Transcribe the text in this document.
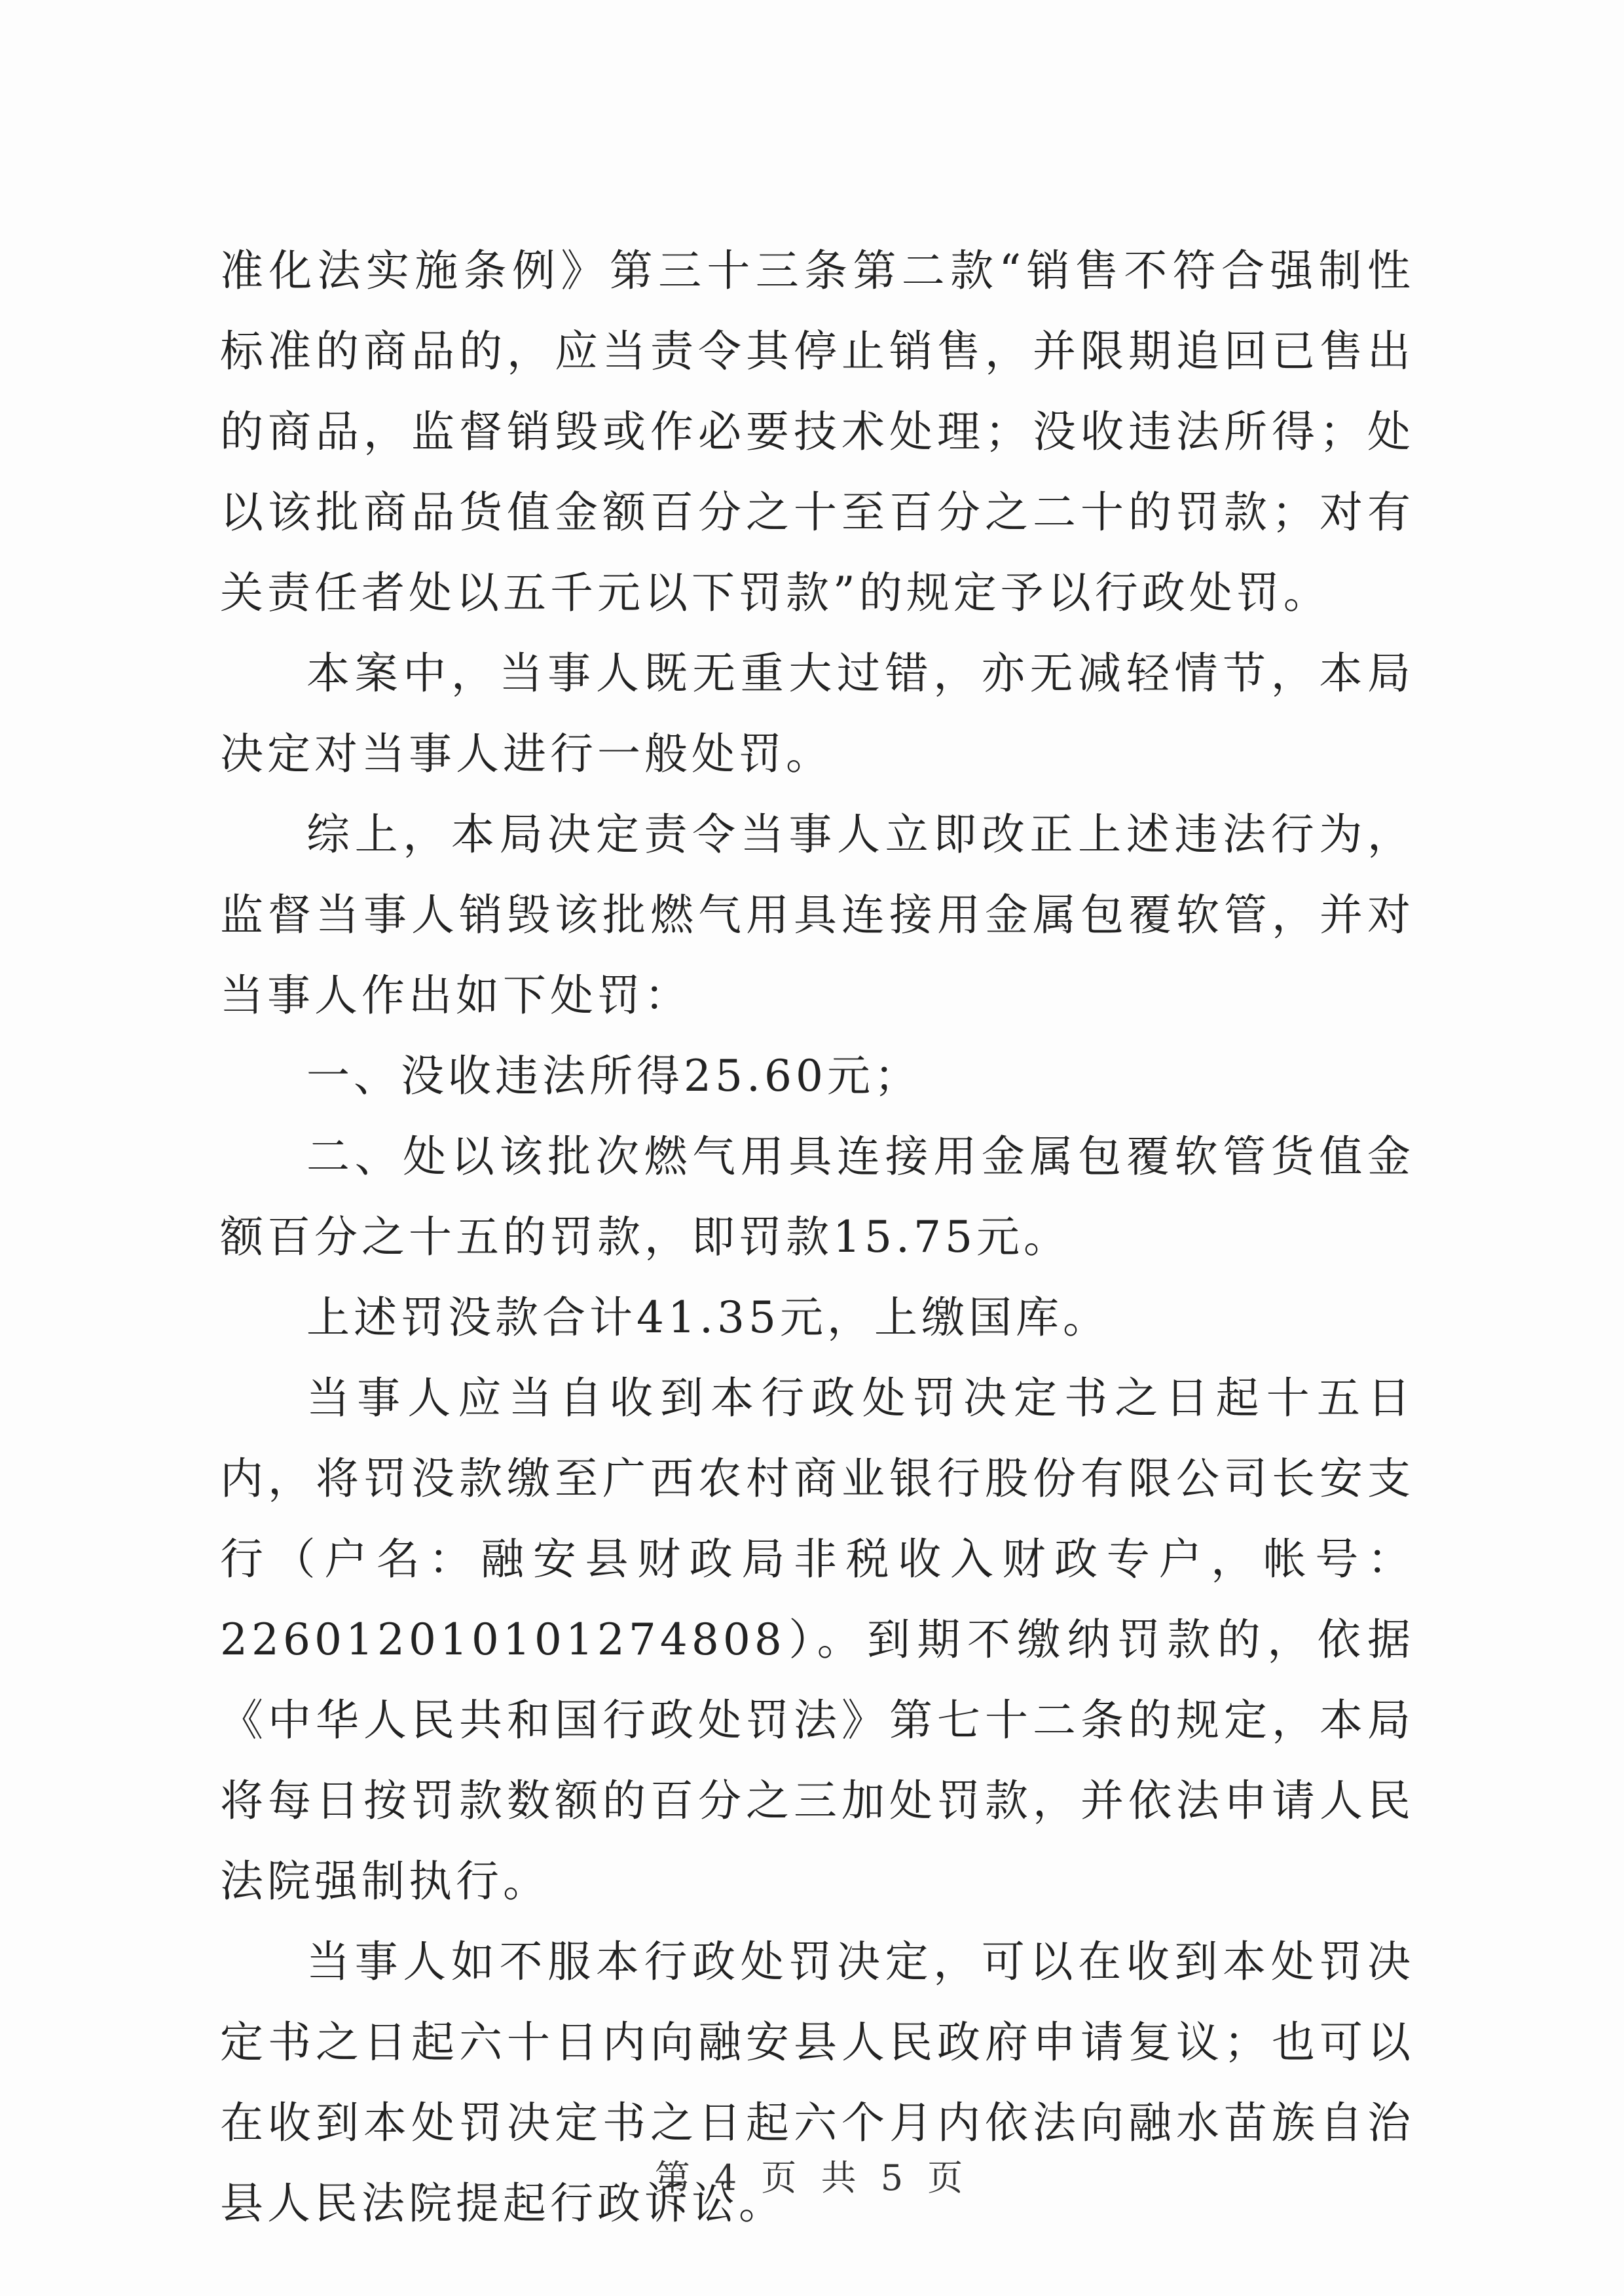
准化法实施条例》第三十三条第二款“销售不符合强制性标准的商品的，应当责令其停止销售，并限期追回已售出的商品，监督销毁或作必要技术处理；没收违法所得；处以该批商品货值金额百分之十至百分之二十的罚款；对有关责任者处以五千元以下罚款”的规定予以行政处罚。

本案中，当事人既无重大过错，亦无减轻情节，本局决定对当事人进行一般处罚。

综上，本局决定责令当事人立即改正上述违法行为，监督当事人销毁该批燃气用具连接用金属包覆软管，并对当事人作出如下处罚：

一、没收违法所得25.60元；

二、处以该批次燃气用具连接用金属包覆软管货值金额百分之十五的罚款，即罚款15.75元。

上述罚没款合计41.35元，上缴国库。

当事人应当自收到本行政处罚决定书之日起十五日内，将罚没款缴至广西农村商业银行股份有限公司长安支行（户名：融安县财政局非税收入财政专户，帐号：226012010101274808）。到期不缴纳罚款的，依据《中华人民共和国行政处罚法》第七十二条的规定，本局将每日按罚款数额的百分之三加处罚款，并依法申请人民法院强制执行。

当事人如不服本行政处罚决定，可以在收到本处罚决定书之日起六十日内向融安县人民政府申请复议；也可以在收到本处罚决定书之日起六个月内依法向融水苗族自治县人民法院提起行政诉讼。

第 4 页 共 5 页
